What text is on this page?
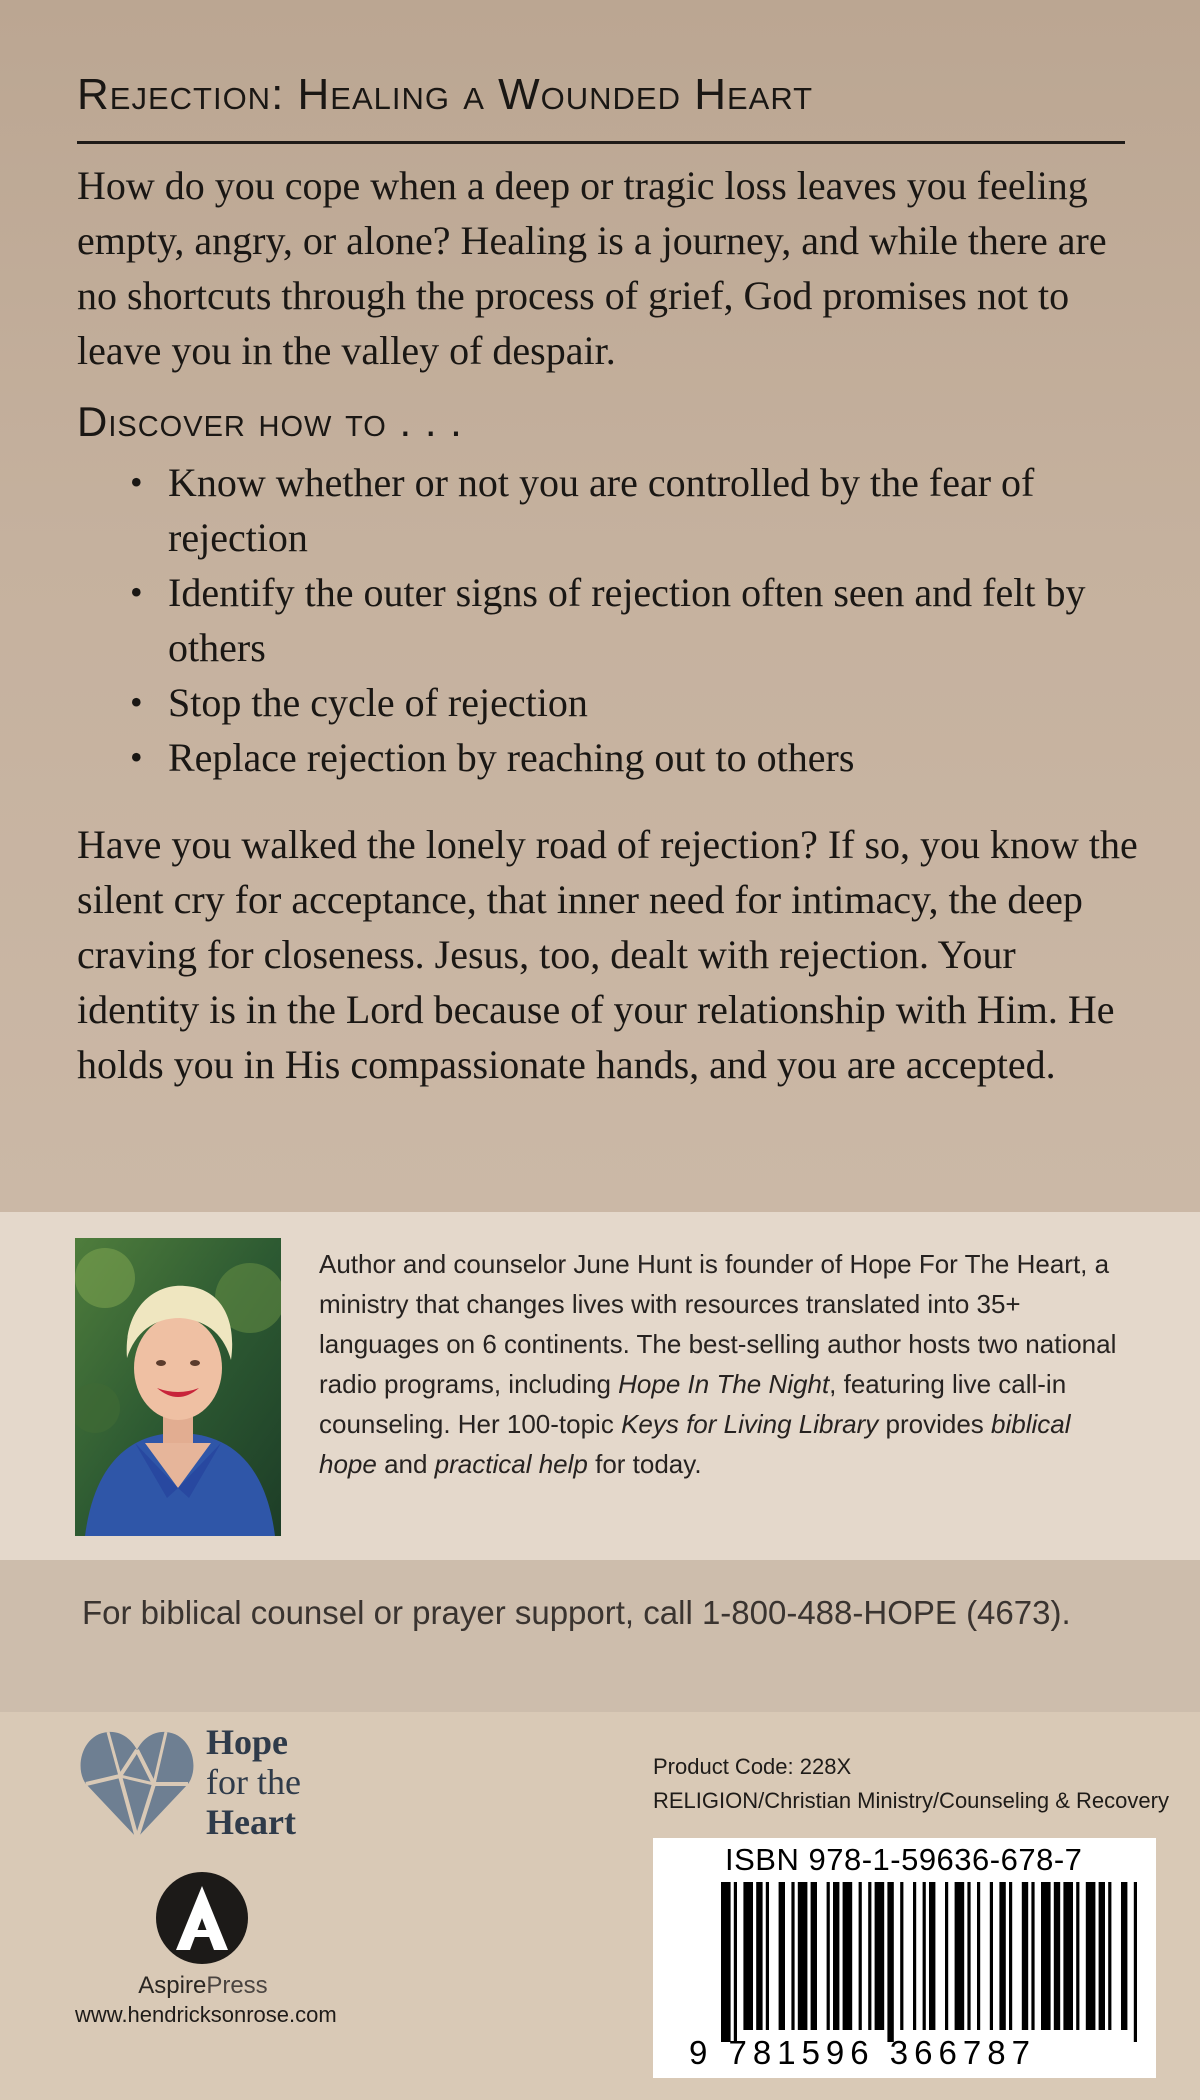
Rejection: Healing a Wounded Heart

How do you cope when a deep or tragic loss leaves you feeling empty, angry, or alone? Healing is a journey, and while there are no shortcuts through the process of grief, God promises not to leave you in the valley of despair.

Discover how to . . .
• Know whether or not you are controlled by the fear of rejection
• Identify the outer signs of rejection often seen and felt by others
• Stop the cycle of rejection
• Replace rejection by reaching out to others

Have you walked the lonely road of rejection? If so, you know the silent cry for acceptance, that inner need for intimacy, the deep craving for closeness. Jesus, too, dealt with rejection. Your identity is in the Lord because of your relationship with Him. He holds you in His compassionate hands, and you are accepted.

Author and counselor June Hunt is founder of Hope For The Heart, a ministry that changes lives with resources translated into 35+ languages on 6 continents. The best-selling author hosts two national radio programs, including Hope In The Night, featuring live call-in counseling. Her 100-topic Keys for Living Library provides biblical hope and practical help for today.

For biblical counsel or prayer support, call 1-800-488-HOPE (4673).

Hope
for the
Heart
AspirePress
www.hendricksonrose.com
Product Code: 228X
RELIGION/Christian Ministry/Counseling & Recovery
ISBN 978-1-59636-678-7
9 781596 366787
